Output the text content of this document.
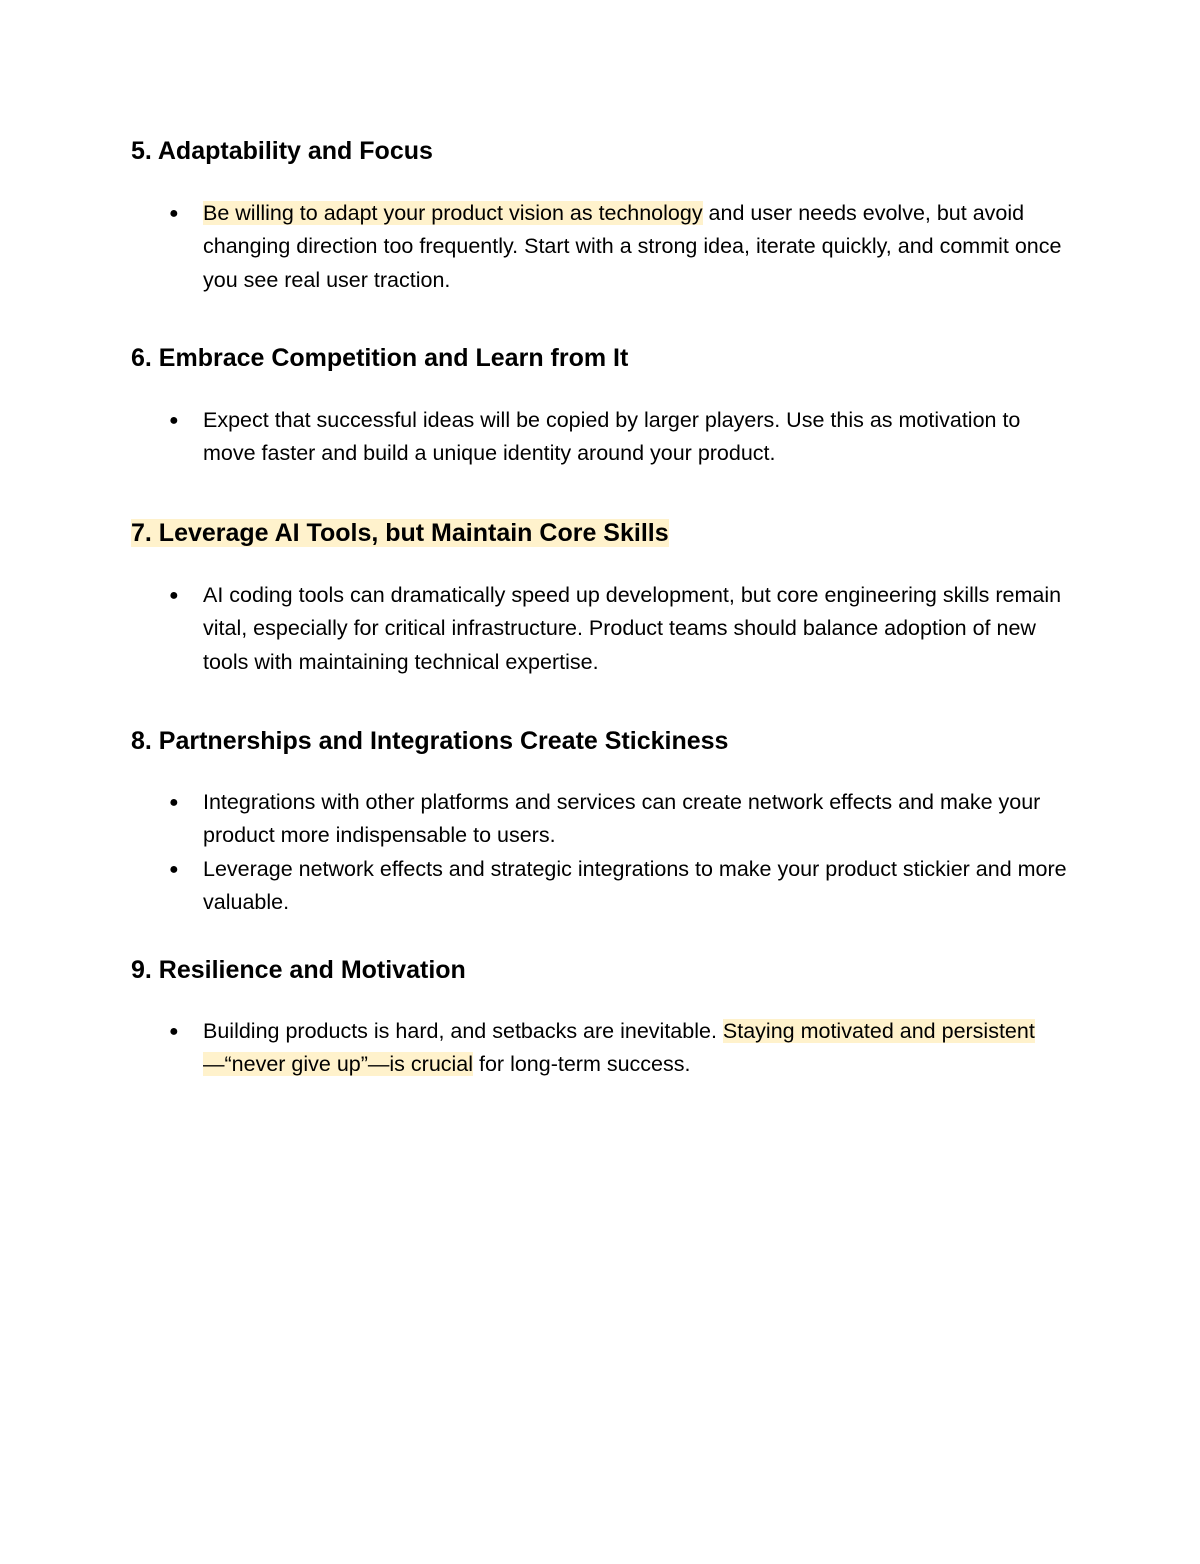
5. Adaptability and Focus
● Be willing to adapt your product vision as technology and user needs evolve, but avoid changing direction too frequently. Start with a strong idea, iterate quickly, and commit once you see real user traction.
6. Embrace Competition and Learn from It
● Expect that successful ideas will be copied by larger players. Use this as motivation to move faster and build a unique identity around your product.
7. Leverage AI Tools, but Maintain Core Skills
● AI coding tools can dramatically speed up development, but core engineering skills remain vital, especially for critical infrastructure. Product teams should balance adoption of new tools with maintaining technical expertise.
8. Partnerships and Integrations Create Stickiness
● Integrations with other platforms and services can create network effects and make your product more indispensable to users.
● Leverage network effects and strategic integrations to make your product stickier and more valuable.
9. Resilience and Motivation
● Building products is hard, and setbacks are inevitable. Staying motivated and persistent—“never give up”—is crucial for long-term success.
